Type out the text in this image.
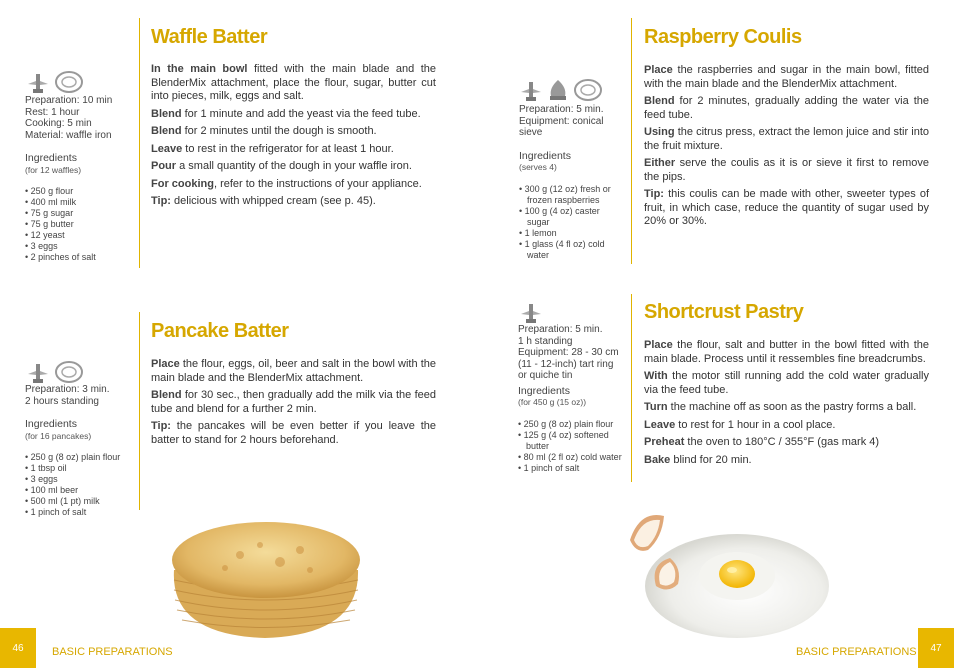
Preparation: 10 min
Rest: 1 hour
Cooking: 5 min
Material: waffle iron
Ingredients
(for 12 waffles)
• 250 g flour
• 400 ml milk
• 75 g sugar
• 75 g butter
• 12 yeast
• 3 eggs
• 2 pinches of salt
Waffle Batter

In the main bowl fitted with the main blade and the BlenderMix attachment, place the flour, sugar, butter cut into pieces, milk, eggs and salt.

Blend for 1 minute and add the yeast via the feed tube.

Blend for 2 minutes until the dough is smooth.

Leave to rest in the refrigerator for at least 1 hour.

Pour a small quantity of the dough in your waffle iron.

For cooking, refer to the instructions of your appliance.

Tip: delicious with whipped cream (see p. 45).

Preparation: 3 min.
2 hours standing
Ingredients
(for 16 pancakes)
• 250 g (8 oz) plain flour
• 1 tbsp oil
• 3 eggs
• 100 ml beer
• 500 ml (1 pt) milk
• 1 pinch of salt
Pancake Batter

Place the flour, eggs, oil, beer and salt in the bowl with the main blade and the BlenderMix attachment.

Blend for 30 sec., then gradually add the milk via the feed tube and blend for a further 2 min.

Tip: the pancakes will be even better if you leave the batter to stand for 2 hours beforehand.

46	BASIC PREPARATIONS
Preparation: 5 min.
Equipment: conical
sieve
Ingredients
(serves 4)
• 300 g (12 oz) fresh or frozen raspberries
• 100 g (4 oz) caster sugar
• 1 lemon
• 1 glass (4 fl oz) cold water
Raspberry Coulis

Place the raspberries and sugar in the main bowl, fitted with the main blade and the BlenderMix attachment.

Blend for 2 minutes, gradually adding the water via the feed tube.

Using the citrus press, extract the lemon juice and stir into the fruit mixture.

Either serve the coulis as it is or sieve it first to remove the pips.

Tip: this coulis can be made with other, sweeter types of fruit, in which case, reduce the quantity of sugar used by 20% or 30%.

Preparation: 5 min.
1 h standing
Equipment: 28 - 30 cm
(11 - 12-inch) tart ring
or quiche tin
Ingredients
(for 450 g (15 oz))
• 250 g (8 oz) plain flour
• 125 g (4 oz) softened butter
• 80 ml (2 fl oz) cold water
• 1 pinch of salt
Shortcrust Pastry

Place the flour, salt and butter in the bowl fitted with the main blade. Process until it ressembles fine breadcrumbs.

With the motor still running add the cold water gradually via the feed tube.

Turn the machine off as soon as the pastry forms a ball.

Leave to rest for 1 hour in a cool place.

Preheat the oven to 180°C / 355°F (gas mark 4)

Bake blind for 20 min.

BASIC PREPARATIONS	47
